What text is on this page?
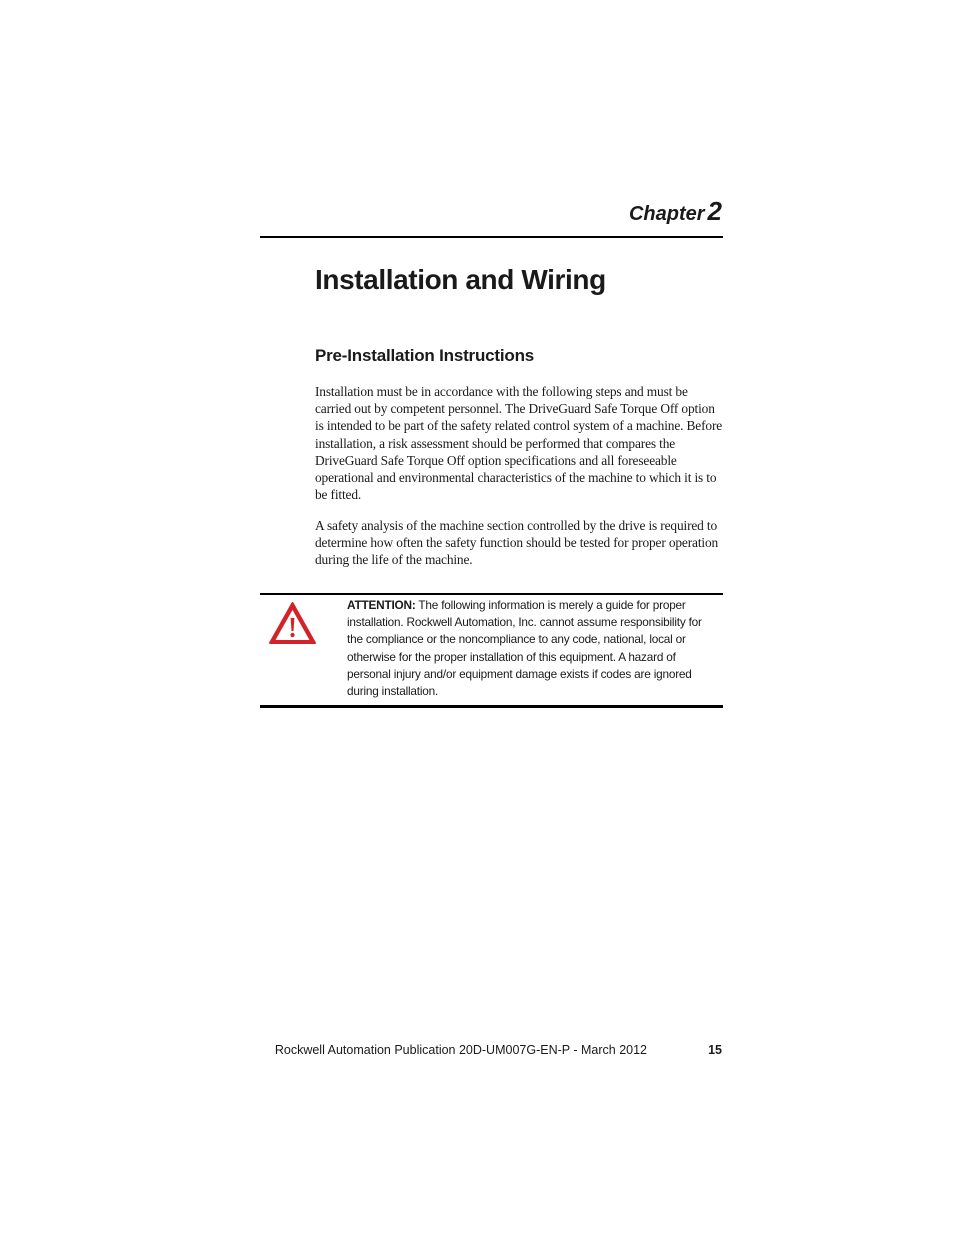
Chapter 2
Installation and Wiring
Pre-Installation Instructions

Installation must be in accordance with the following steps and must be carried out by competent personnel. The DriveGuard Safe Torque Off option is intended to be part of the safety related control system of a machine. Before installation, a risk assessment should be performed that compares the DriveGuard Safe Torque Off option specifications and all foreseeable operational and environmental characteristics of the machine to which it is to be fitted.

A safety analysis of the machine section controlled by the drive is required to determine how often the safety function should be tested for proper operation during the life of the machine.

ATTENTION: The following information is merely a guide for proper installation. Rockwell Automation, Inc. cannot assume responsibility for the compliance or the noncompliance to any code, national, local or otherwise for the proper installation of this equipment. A hazard of personal injury and/or equipment damage exists if codes are ignored during installation.

Rockwell Automation Publication 20D-UM007G-EN-P - March 2012	15
